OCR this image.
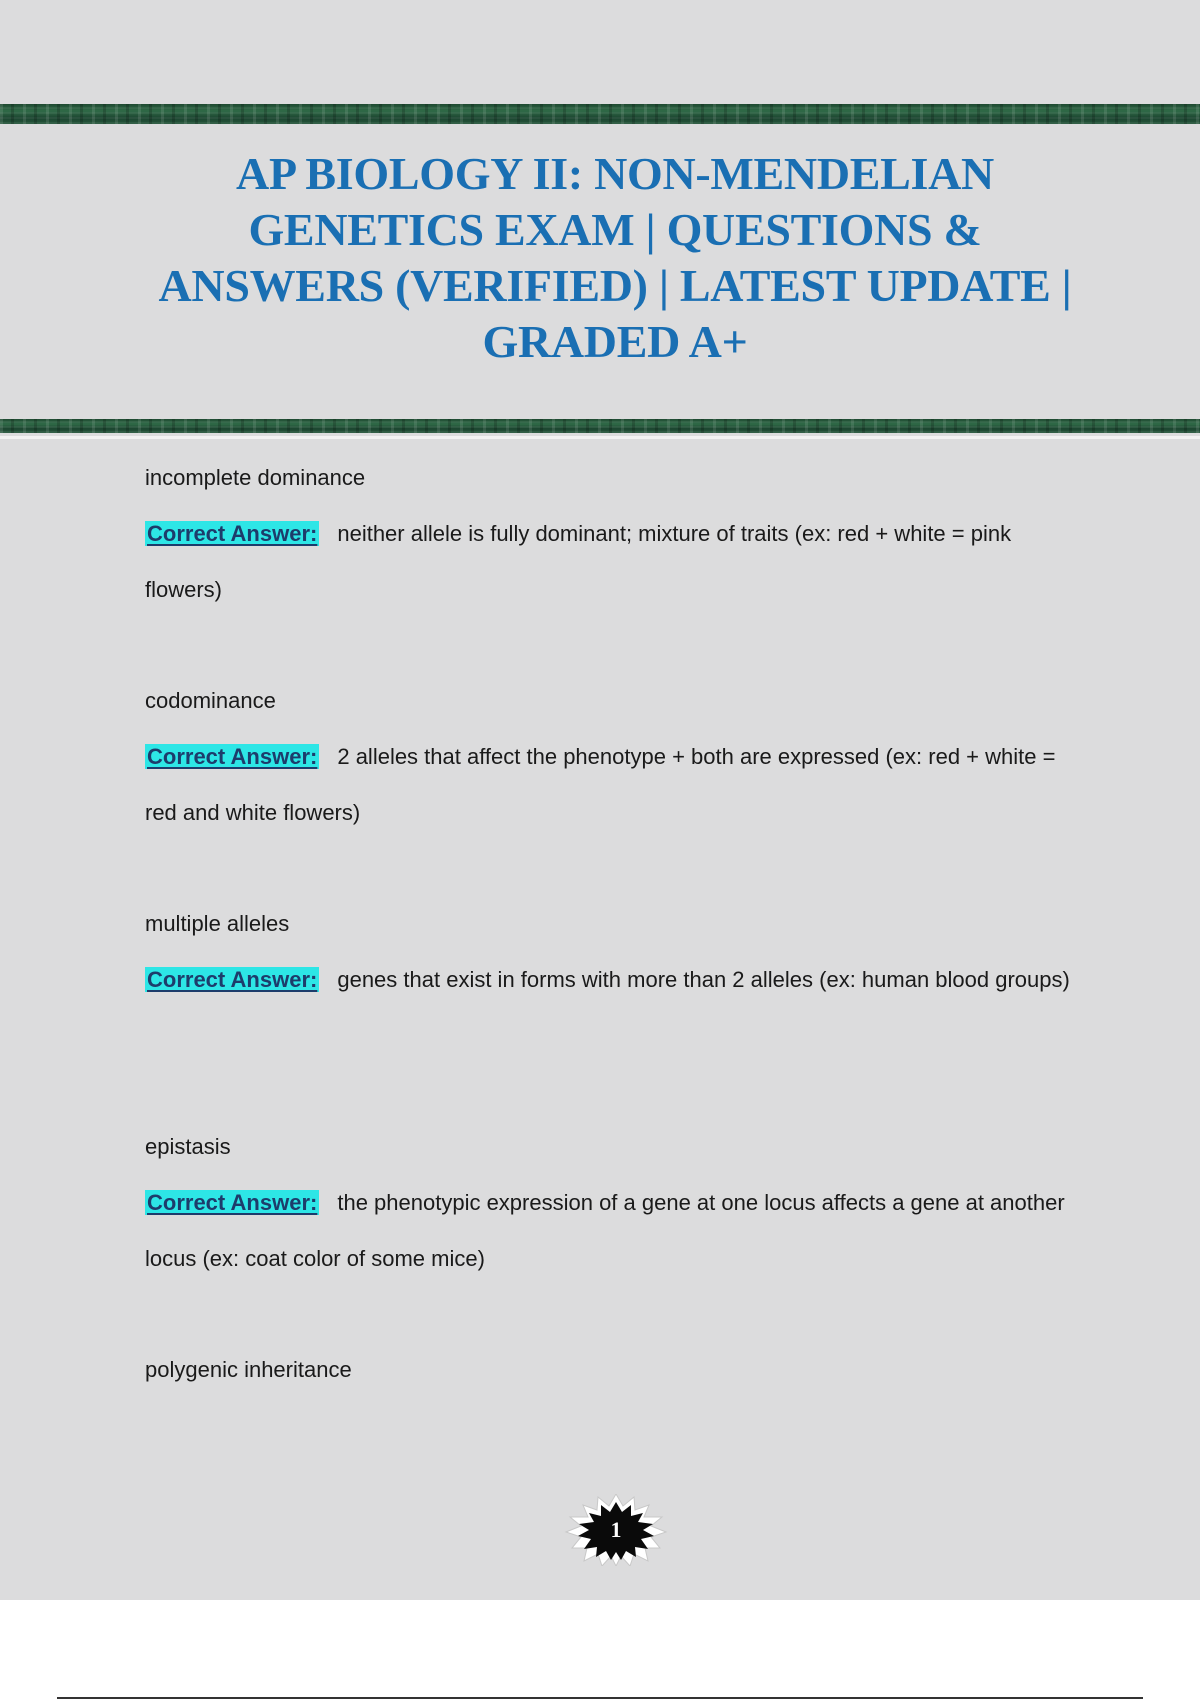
AP BIOLOGY II: NON-MENDELIAN GENETICS EXAM | QUESTIONS & ANSWERS (VERIFIED) | LATEST UPDATE | GRADED A+

incomplete dominance

Correct Answer: neither allele is fully dominant; mixture of traits (ex: red + white = pink flowers)

codominance

Correct Answer: 2 alleles that affect the phenotype + both are expressed (ex: red + white = red and white flowers)

multiple alleles

Correct Answer: genes that exist in forms with more than 2 alleles (ex: human blood groups)

epistasis

Correct Answer: the phenotypic expression of a gene at one locus affects a gene at another locus (ex: coat color of some mice)

polygenic inheritance

1
